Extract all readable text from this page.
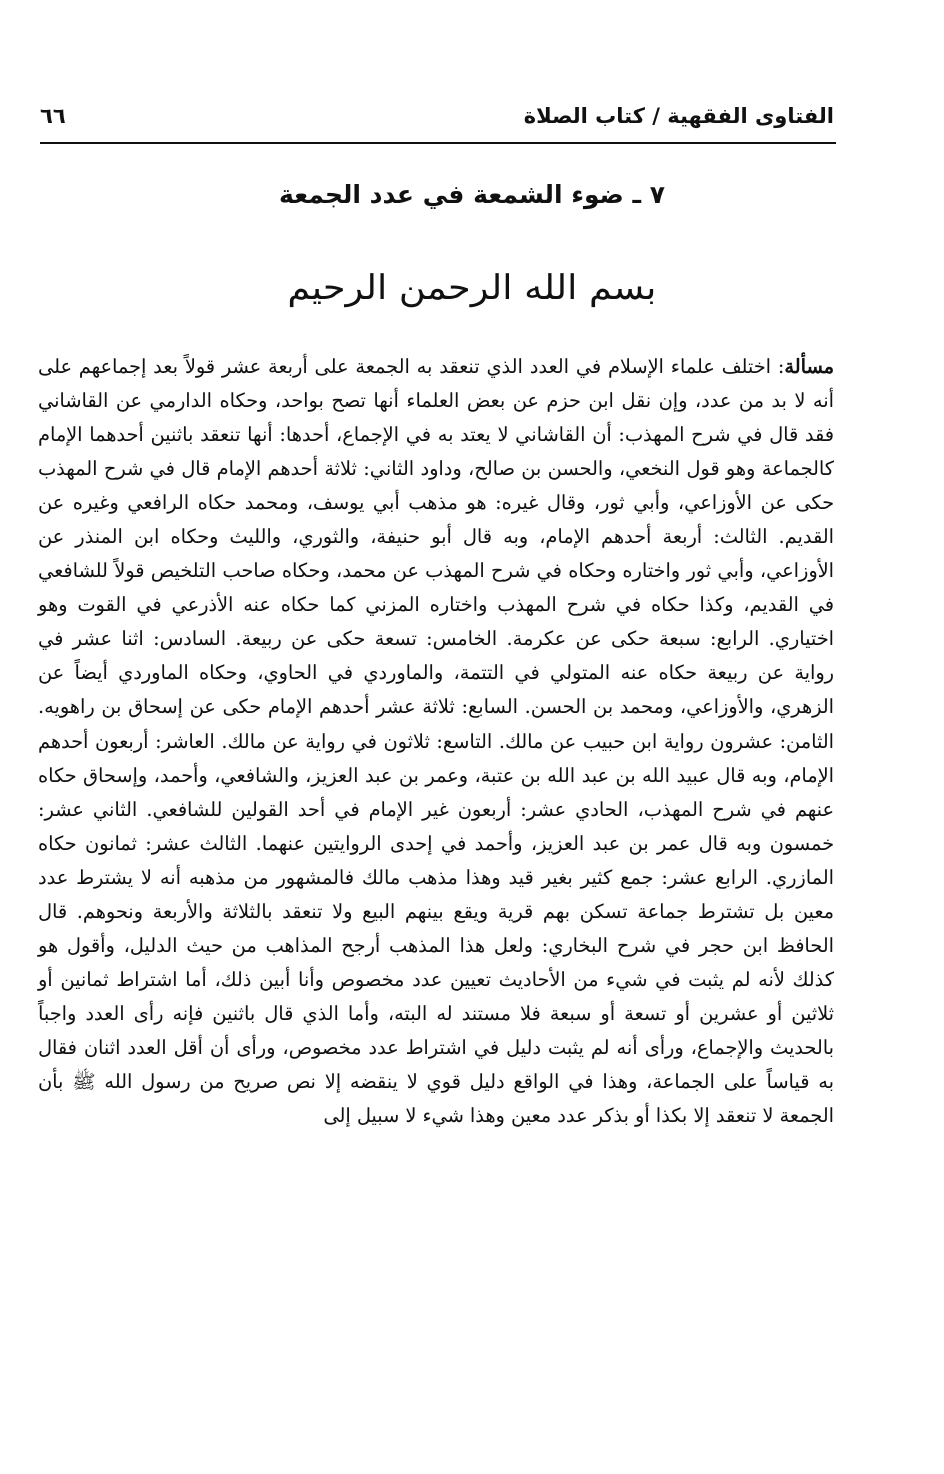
الفتاوى الفقهية / كتاب الصلاة
٦٦
٧ ـ ضوء الشمعة في عدد الجمعة
بسم الله الرحمن الرحيم

مسألة: اختلف علماء الإسلام في العدد الذي تنعقد به الجمعة على أربعة عشر قولاً بعد إجماعهم على أنه لا بد من عدد، وإن نقل ابن حزم عن بعض العلماء أنها تصح بواحد، وحكاه الدارمي عن القاشاني فقد قال في شرح المهذب: أن القاشاني لا يعتد به في الإجماع، أحدها: أنها تنعقد باثنين أحدهما الإمام كالجماعة وهو قول النخعي، والحسن بن صالح، وداود الثاني: ثلاثة أحدهم الإمام قال في شرح المهذب حكى عن الأوزاعي، وأبي ثور، وقال غيره: هو مذهب أبي يوسف، ومحمد حكاه الرافعي وغيره عن القديم. الثالث: أربعة أحدهم الإمام، وبه قال أبو حنيفة، والثوري، والليث وحكاه ابن المنذر عن الأوزاعي، وأبي ثور واختاره وحكاه في شرح المهذب عن محمد، وحكاه صاحب التلخيص قولاً للشافعي في القديم، وكذا حكاه في شرح المهذب واختاره المزني كما حكاه عنه الأذرعي في القوت وهو اختياري. الرابع: سبعة حكى عن عكرمة. الخامس: تسعة حكى عن ربيعة. السادس: اثنا عشر في رواية عن ربيعة حكاه عنه المتولي في التتمة، والماوردي في الحاوي، وحكاه الماوردي أيضاً عن الزهري، والأوزاعي، ومحمد بن الحسن. السابع: ثلاثة عشر أحدهم الإمام حكى عن إسحاق بن راهويه. الثامن: عشرون رواية ابن حبيب عن مالك. التاسع: ثلاثون في رواية عن مالك. العاشر: أربعون أحدهم الإمام، وبه قال عبيد الله بن عبد الله بن عتبة، وعمر بن عبد العزيز، والشافعي، وأحمد، وإسحاق حكاه عنهم في شرح المهذب، الحادي عشر: أربعون غير الإمام في أحد القولين للشافعي. الثاني عشر: خمسون وبه قال عمر بن عبد العزيز، وأحمد في إحدى الروايتين عنهما. الثالث عشر: ثمانون حكاه المازري. الرابع عشر: جمع كثير بغير قيد وهذا مذهب مالك فالمشهور من مذهبه أنه لا يشترط عدد معين بل تشترط جماعة تسكن بهم قرية ويقع بينهم البيع ولا تنعقد بالثلاثة والأربعة ونحوهم. قال الحافظ ابن حجر في شرح البخاري: ولعل هذا المذهب أرجح المذاهب من حيث الدليل، وأقول هو كذلك لأنه لم يثبت في شيء من الأحاديث تعيين عدد مخصوص وأنا أبين ذلك، أما اشتراط ثمانين أو ثلاثين أو عشرين أو تسعة أو سبعة فلا مستند له البته، وأما الذي قال باثنين فإنه رأى العدد واجباً بالحديث والإجماع، ورأى أنه لم يثبت دليل في اشتراط عدد مخصوص، ورأى أن أقل العدد اثنان فقال به قياساً على الجماعة، وهذا في الواقع دليل قوي لا ينقضه إلا نص صريح من رسول الله ﷺ بأن الجمعة لا تنعقد إلا بكذا أو بذكر عدد معين وهذا شيء لا سبيل إلى
